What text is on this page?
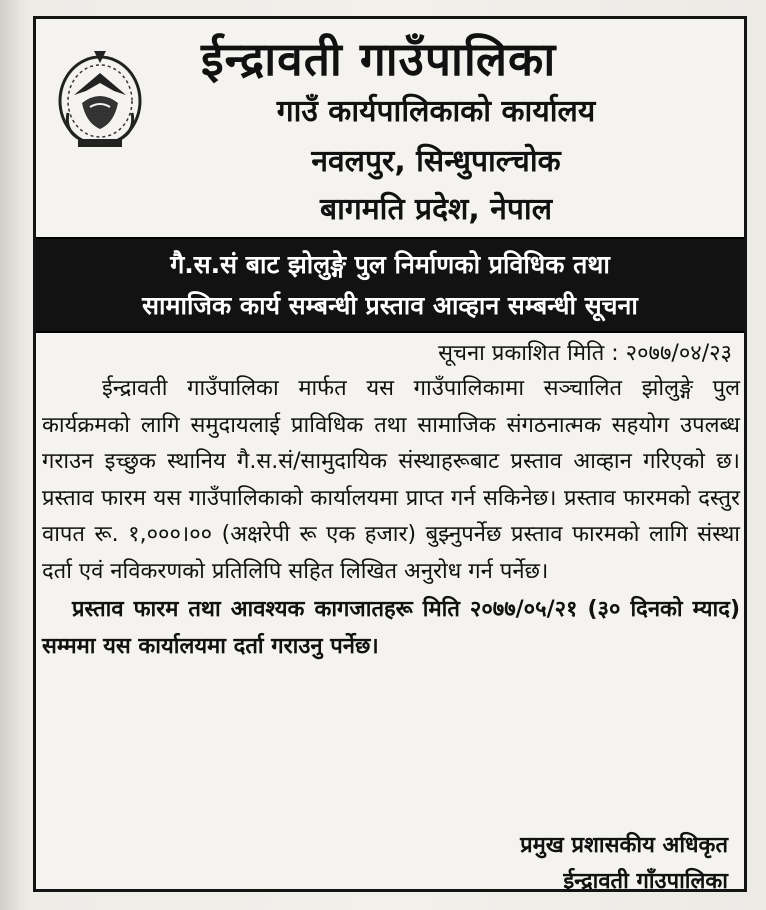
ईन्द्रावती गाउँपालिका
गाउँ कार्यपालिकाको कार्यालय
नवलपुर, सिन्धुपाल्चोक
बागमति प्रदेश, नेपाल
गै.स.सं बाट झोलुङ्गे पुल निर्माणको प्रविधिक तथा
सामाजिक कार्य सम्बन्धी प्रस्ताव आव्हान सम्बन्धी सूचना
सूचना प्रकाशित मिति : २०७७/०४/२३

ईन्द्रावती गाउँपालिका मार्फत यस गाउँपालिकामा सञ्चालित झोलुङ्गे पुल कार्यक्रमको लागि समुदायलाई प्राविधिक तथा सामाजिक संगठनात्मक सहयोग उपलब्ध गराउन इच्छुक स्थानिय गै.स.सं/सामुदायिक संस्थाहरूबाट प्रस्ताव आव्हान गरिएको छ। प्रस्ताव फारम यस गाउँपालिकाको कार्यालयमा प्राप्त गर्न सकिनेछ। प्रस्ताव फारमको दस्तुर वापत रू. १,०००।०० (अक्षरेपी रू एक हजार) बुझ्नुपर्नेछ प्रस्ताव फारमको लागि संस्था दर्ता एवं नविकरणको प्रतिलिपि सहित लिखित अनुरोध गर्न पर्नेछ।

प्रस्ताव फारम तथा आवश्यक कागजातहरू मिति २०७७/०५/२१ (३० दिनको म्याद) सम्ममा यस कार्यालयमा दर्ता गराउनु पर्नेछ।

प्रमुख प्रशासकीय अधिकृत
ईन्द्रावती गाँउपालिका
